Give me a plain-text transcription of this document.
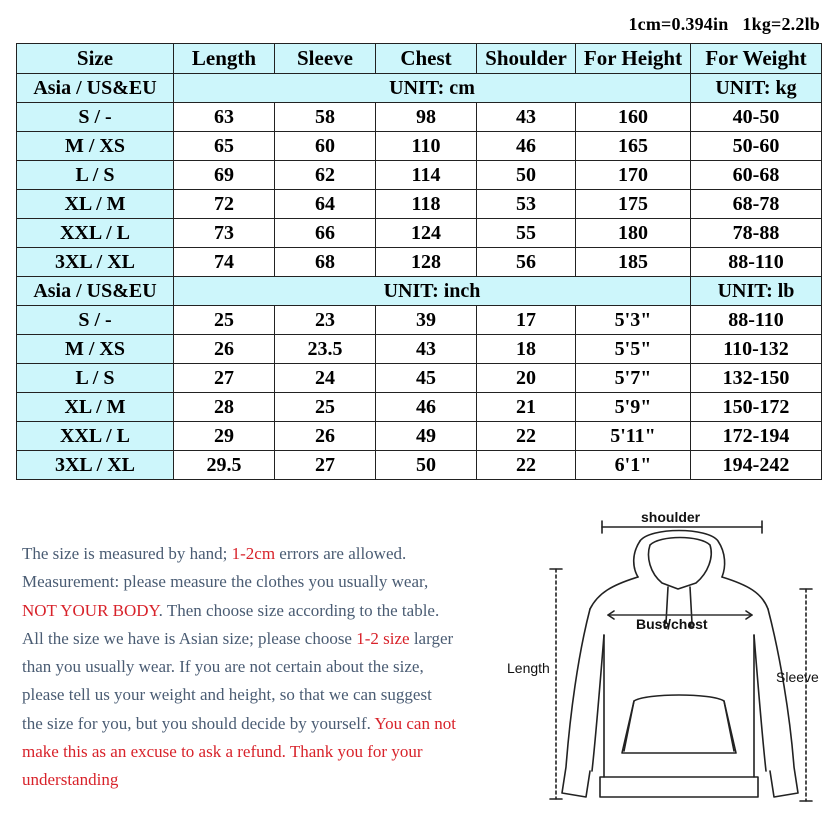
1cm=0.394in 1kg=2.2lb
Size	Length	Sleeve	Chest	Shoulder	For Height	For Weight
Asia / US&EU	UNIT: cm					UNIT: kg
S / -	63	58	98	43	160	40-50
M / XS	65	60	110	46	165	50-60
L / S	69	62	114	50	170	60-68
XL / M	72	64	118	53	175	68-78
XXL / L	73	66	124	55	180	78-88
3XL / XL	74	68	128	56	185	88-110
Asia / US&EU	UNIT: inch					UNIT: lb
S / -	25	23	39	17	5'3"	88-110
M / XS	26	23.5	43	18	5'5"	110-132
L / S	27	24	45	20	5'7"	132-150
XL / M	28	25	46	21	5'9"	150-172
XXL / L	29	26	49	22	5'11"	172-194
3XL / XL	29.5	27	50	22	6'1"	194-242

The size is measured by hand; 1-2cm errors are allowed.

Measurement: please measure the clothes you usually wear,

NOT YOUR BODY. Then choose size according to the table.

All the size we have is Asian size; please choose 1-2 size larger

than you usually wear. If you are not certain about the size,

please tell us your weight and height, so that we can suggest

the size for you, but you should decide by yourself. You can not

make this as an excuse to ask a refund. Thank you for your

understanding

shoulder
Bust/chest
Length
Sleeve
